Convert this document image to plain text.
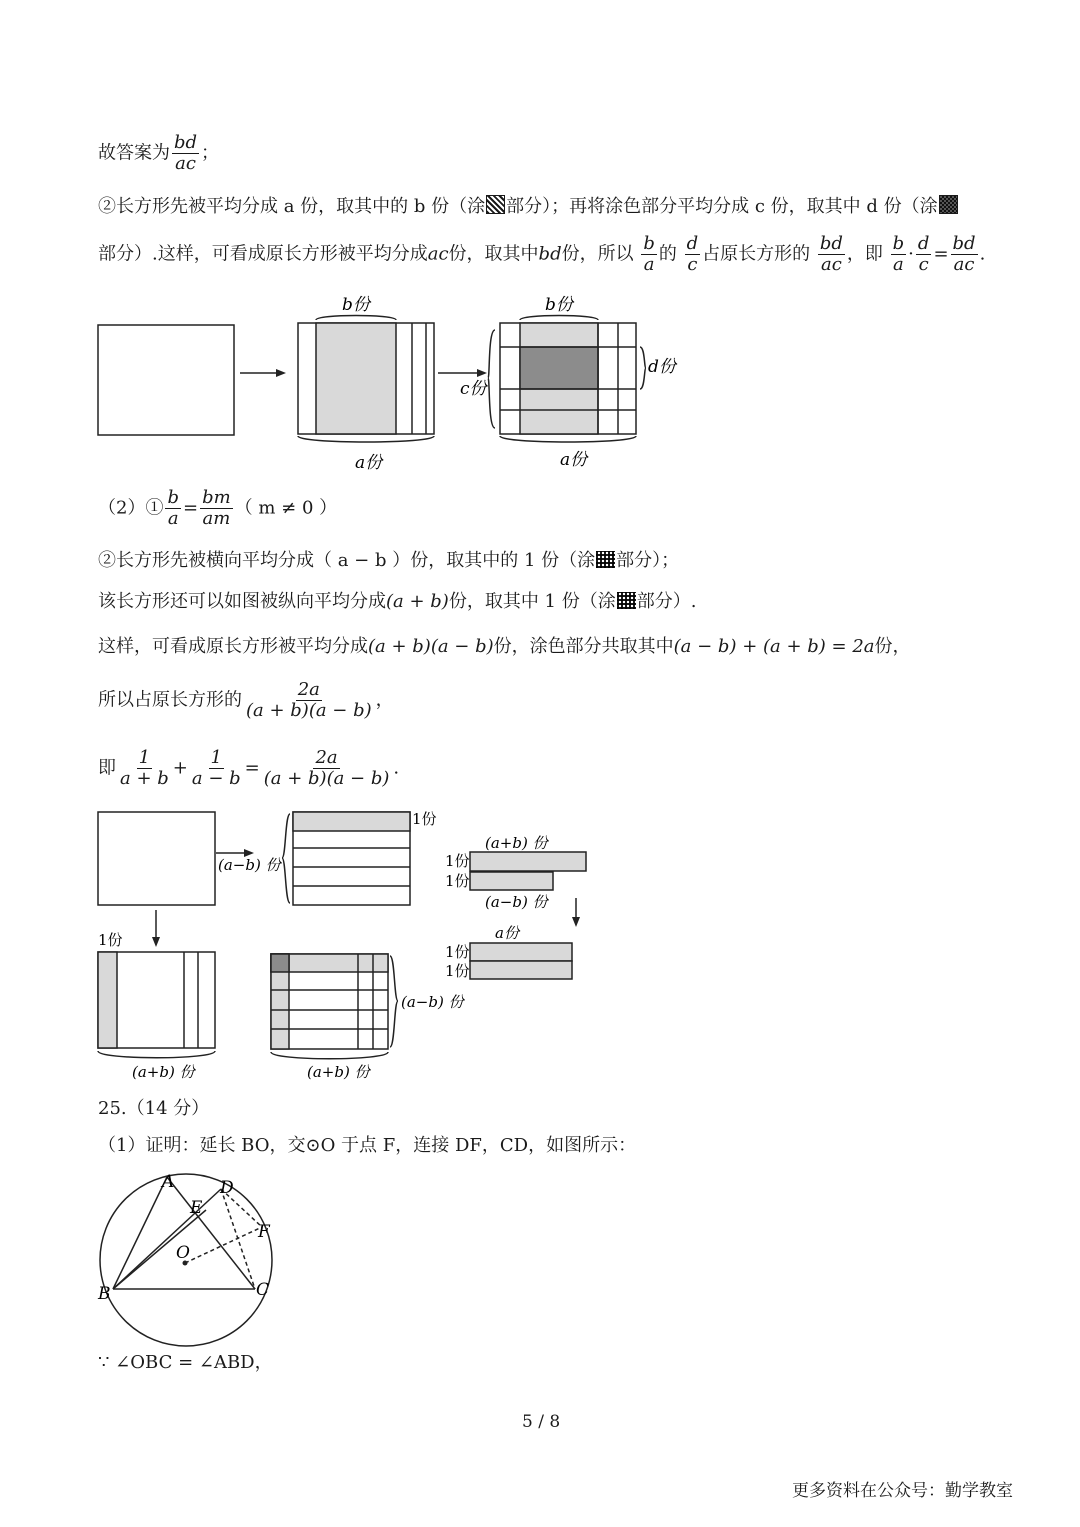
故答案为 $\frac{bd}{ac}$ ；
②长方形先被平均分成 a 份，取其中的 b 份（涂 部分）；再将涂色部分平均分成 c 份，取其中 d 份（涂
部分）.这样，可看成原长方形被平均分成ac份，取其中bd份，所以 $\frac{b}{a}$ 的 $\frac{d}{c}$ 占原长方形的 $\frac{bd}{ac}$ ，即 $\frac{b}{a} \cdot \frac{d}{c} = \frac{bd}{ac}$ .
b份
a份
b份
a份
c份
d份
（2）① $\frac{b}{a} = \frac{bm}{am}$ （ m ≠ 0 ）
②长方形先被横向平均分成（ a − b ）份，取其中的 1 份（涂 部分）；
该长方形还可以如图被纵向平均分成(a + b)份，取其中 1 份（涂 部分）.
这样，可看成原长方形被平均分成(a + b)(a − b)份，涂色部分共取其中(a − b) + (a + b) = 2a份，
所以占原长方形的 $\frac{2a}{(a + b)(a - b)}$ ，
即 $\frac{1}{a + b} + \frac{1}{a - b} = \frac{2a}{(a + b)(a - b)}$ .
1份
(a−b) 份
(a+b) 份
1份
1份
(a−b) 份
1份	a份
1份
1份
(a−b) 份
(a+b) 份	(a+b) 份
25.（14 分）
（1）证明：延长 BO，交⊙O 于点 F，连接 DF，CD，如图所示：
A
E
D
F
O
B	C
∵ ∠OBC = ∠ABD，
5 / 8
更多资料在公众号：勤学教室
